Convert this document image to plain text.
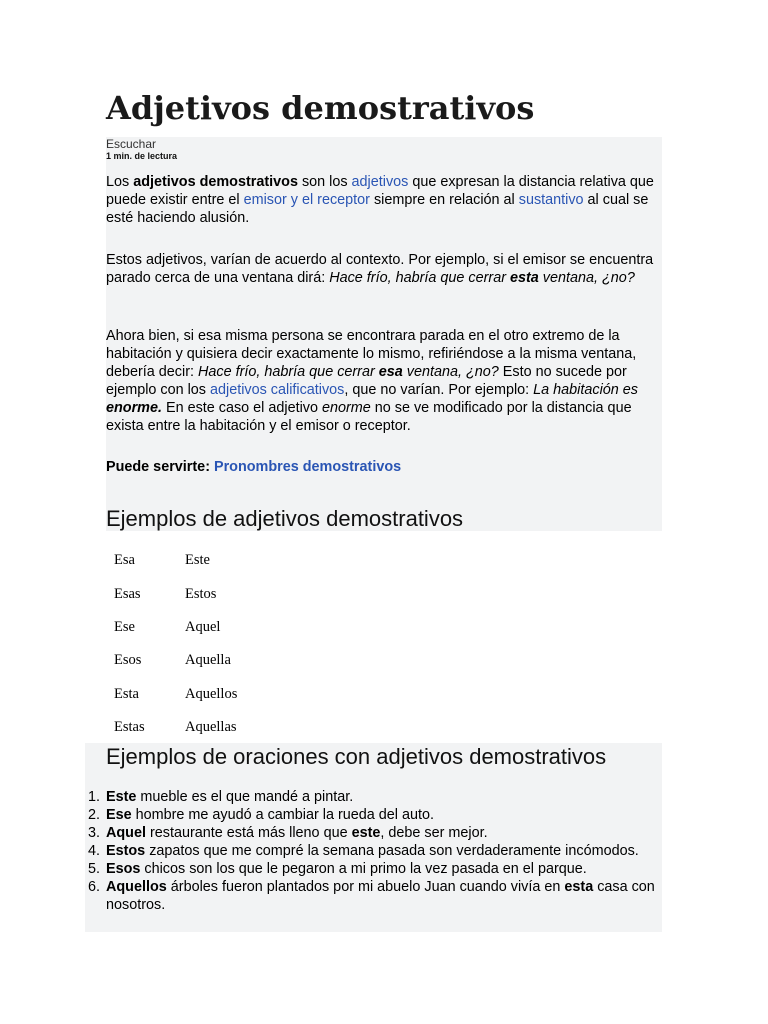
Adjetivos demostrativos
Escuchar
1 min. de lectura

Los adjetivos demostrativos son los adjetivos que expresan la distancia relativa que puede existir entre el emisor y el receptor siempre en relación al sustantivo al cual se esté haciendo alusión.

Estos adjetivos, varían de acuerdo al contexto. Por ejemplo, si el emisor se encuentra parado cerca de una ventana dirá: Hace frío, habría que cerrar esta ventana, ¿no?

Ahora bien, si esa misma persona se encontrara parada en el otro extremo de la habitación y quisiera decir exactamente lo mismo, refiriéndose a la misma ventana, debería decir: Hace frío, habría que cerrar esa ventana, ¿no? Esto no sucede por ejemplo con los adjetivos calificativos, que no varían. Por ejemplo: La habitación es enorme. En este caso el adjetivo enorme no se ve modificado por la distancia que exista entre la habitación y el emisor o receptor.

Puede servirte: Pronombres demostrativos

Ejemplos de adjetivos demostrativos
Esa	Este
Esas	Estos
Ese	Aquel
Esos	Aquella
Esta	Aquellos
Estas	Aquellas
Ejemplos de oraciones con adjetivos demostrativos
1. Este mueble es el que mandé a pintar.
2. Ese hombre me ayudó a cambiar la rueda del auto.
3. Aquel restaurante está más lleno que este, debe ser mejor.
4. Estos zapatos que me compré la semana pasada son verdaderamente incómodos.
5. Esos chicos son los que le pegaron a mi primo la vez pasada en el parque.
6. Aquellos árboles fueron plantados por mi abuelo Juan cuando vivía en esta casa con nosotros.
